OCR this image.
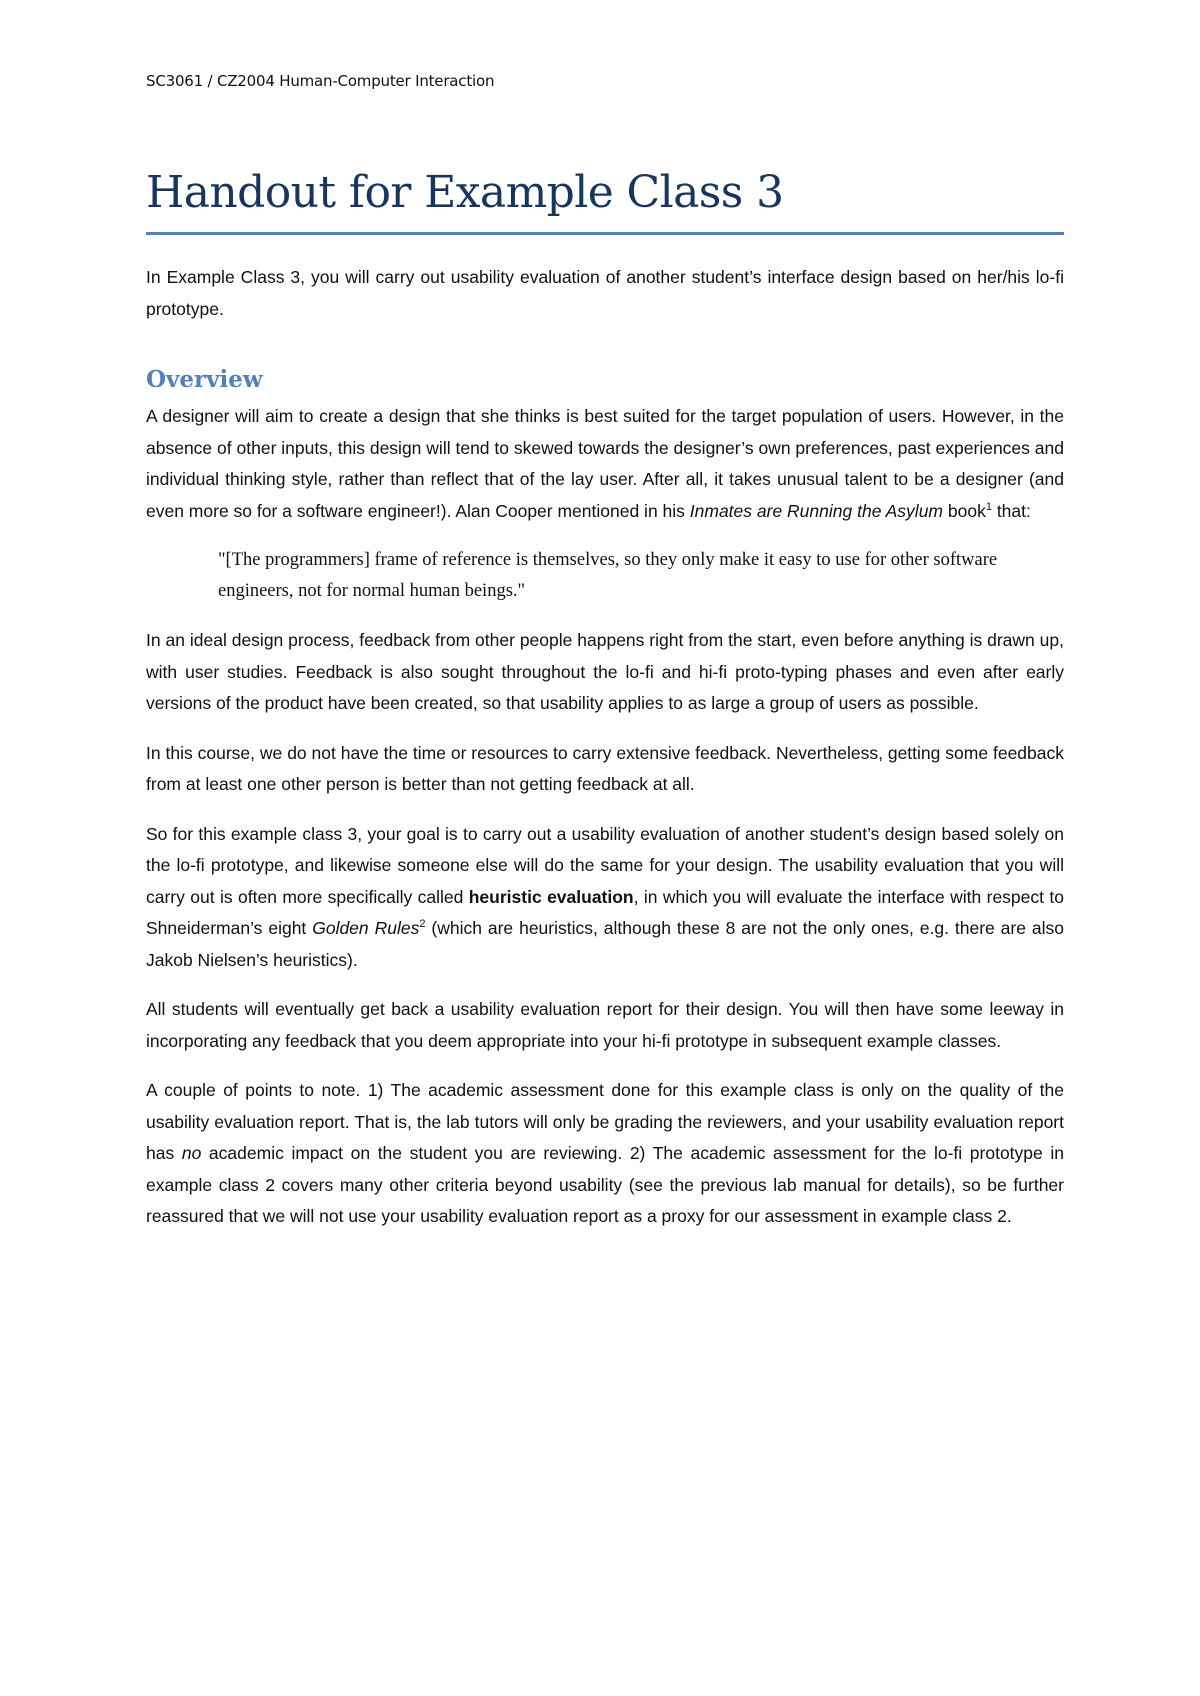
SC3061 / CZ2004 Human-Computer Interaction
Handout for Example Class 3

In Example Class 3, you will carry out usability evaluation of another student’s interface design based on her/his lo-fi prototype.

Overview

A designer will aim to create a design that she thinks is best suited for the target population of users. However, in the absence of other inputs, this design will tend to skewed towards the designer’s own preferences, past experiences and individual thinking style, rather than reflect that of the lay user. After all, it takes unusual talent to be a designer (and even more so for a software engineer!). Alan Cooper mentioned in his Inmates are Running the Asylum book$^1$ that:

"[The programmers] frame of reference is themselves, so they only make it easy to use for other software engineers, not for normal human beings."

In an ideal design process, feedback from other people happens right from the start, even before anything is drawn up, with user studies. Feedback is also sought throughout the lo-fi and hi-fi proto-typing phases and even after early versions of the product have been created, so that usability applies to as large a group of users as possible.

In this course, we do not have the time or resources to carry extensive feedback. Nevertheless, getting some feedback from at least one other person is better than not getting feedback at all.

So for this example class 3, your goal is to carry out a usability evaluation of another student’s design based solely on the lo-fi prototype, and likewise someone else will do the same for your design. The usability evaluation that you will carry out is often more specifically called heuristic evaluation, in which you will evaluate the interface with respect to Shneiderman’s eight Golden Rules$^2$ (which are heuristics, although these 8 are not the only ones, e.g. there are also Jakob Nielsen’s heuristics).

All students will eventually get back a usability evaluation report for their design. You will then have some leeway in incorporating any feedback that you deem appropriate into your hi-fi prototype in subsequent example classes.

A couple of points to note. 1) The academic assessment done for this example class is only on the quality of the usability evaluation report. That is, the lab tutors will only be grading the reviewers, and your usability evaluation report has no academic impact on the student you are reviewing. 2) The academic assessment for the lo-fi prototype in example class 2 covers many other criteria beyond usability (see the previous lab manual for details), so be further reassured that we will not use your usability evaluation report as a proxy for our assessment in example class 2.
